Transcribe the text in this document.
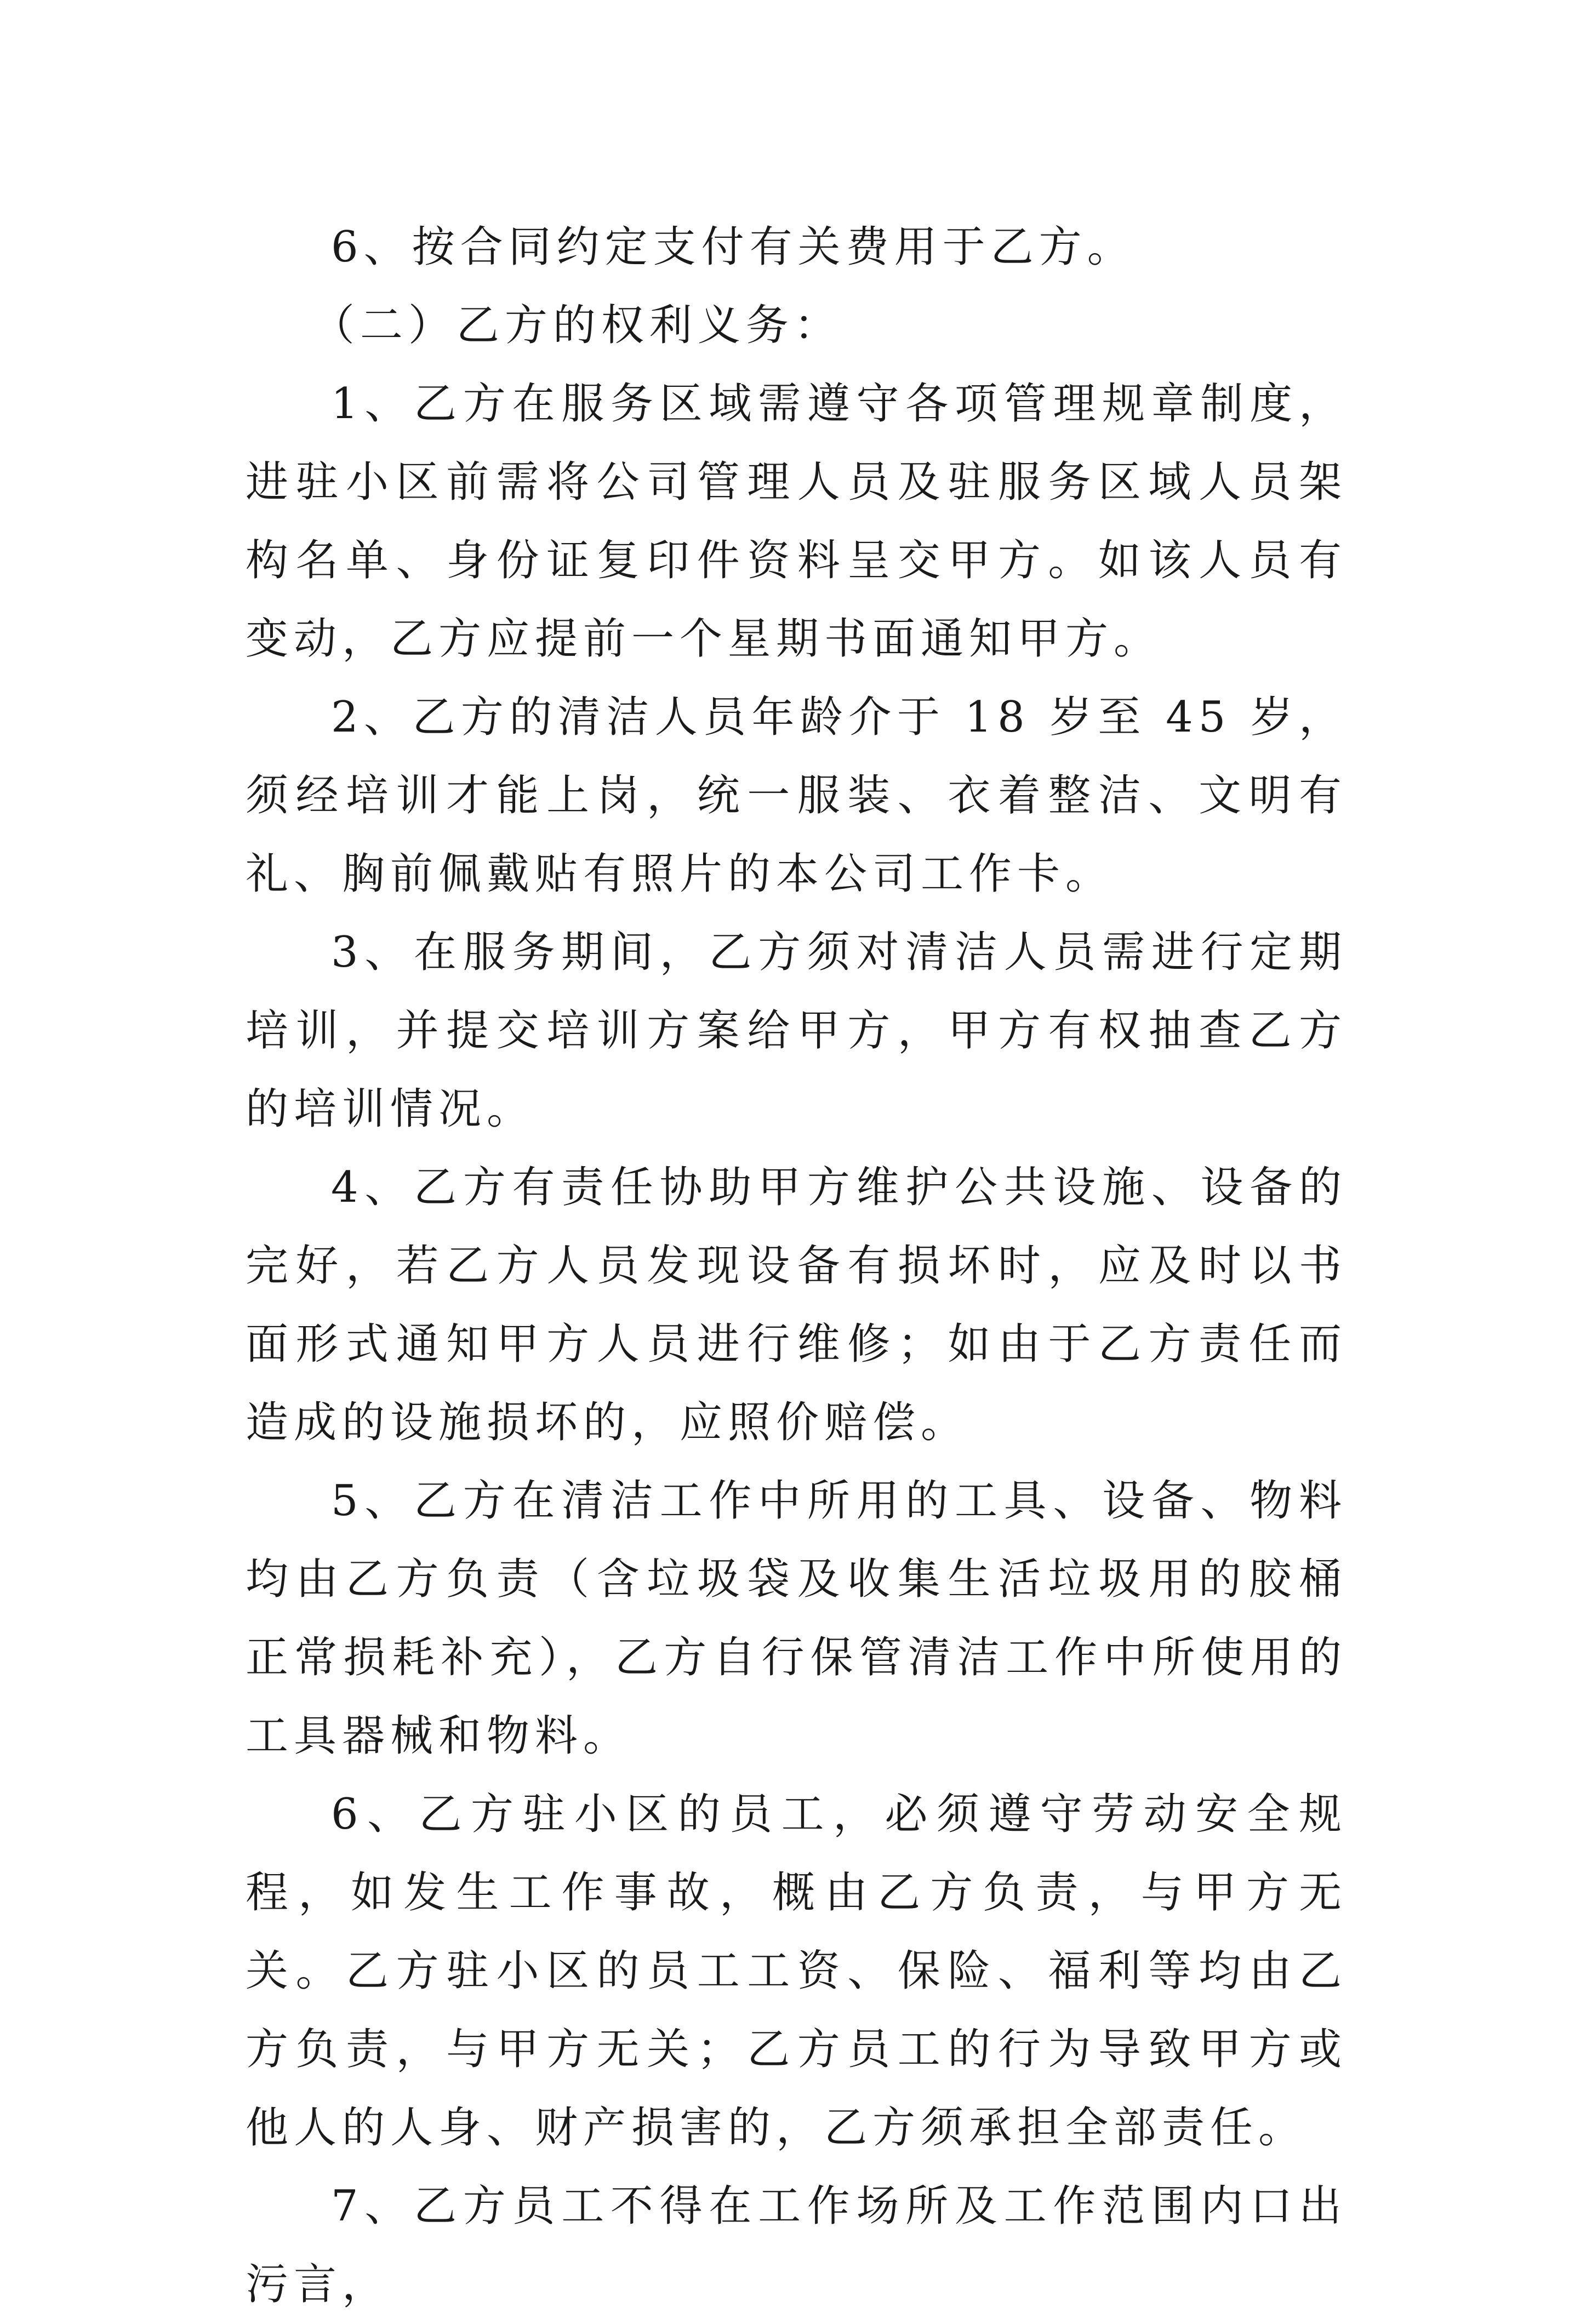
6、按合同约定支付有关费用于乙方。

（二）乙方的权利义务：

1、乙方在服务区域需遵守各项管理规章制度，进驻小区前需将公司管理人员及驻服务区域人员架构名单、身份证复印件资料呈交甲方。如该人员有变动，乙方应提前一个星期书面通知甲方。

2、乙方的清洁人员年龄介于 18 岁至 45 岁，须经培训才能上岗，统一服装、衣着整洁、文明有礼、胸前佩戴贴有照片的本公司工作卡。

3、在服务期间，乙方须对清洁人员需进行定期培训，并提交培训方案给甲方，甲方有权抽查乙方的培训情况。

4、乙方有责任协助甲方维护公共设施、设备的完好，若乙方人员发现设备有损坏时，应及时以书面形式通知甲方人员进行维修；如由于乙方责任而造成的设施损坏的，应照价赔偿。

5、乙方在清洁工作中所用的工具、设备、物料均由乙方负责（含垃圾袋及收集生活垃圾用的胶桶正常损耗补充），乙方自行保管清洁工作中所使用的工具器械和物料。

6、乙方驻小区的员工，必须遵守劳动安全规程，如发生工作事故，概由乙方负责，与甲方无关。乙方驻小区的员工工资、保险、福利等均由乙方负责，与甲方无关；乙方员工的行为导致甲方或他人的人身、财产损害的，乙方须承担全部责任。

7、乙方员工不得在工作场所及工作范围内口出污言，
